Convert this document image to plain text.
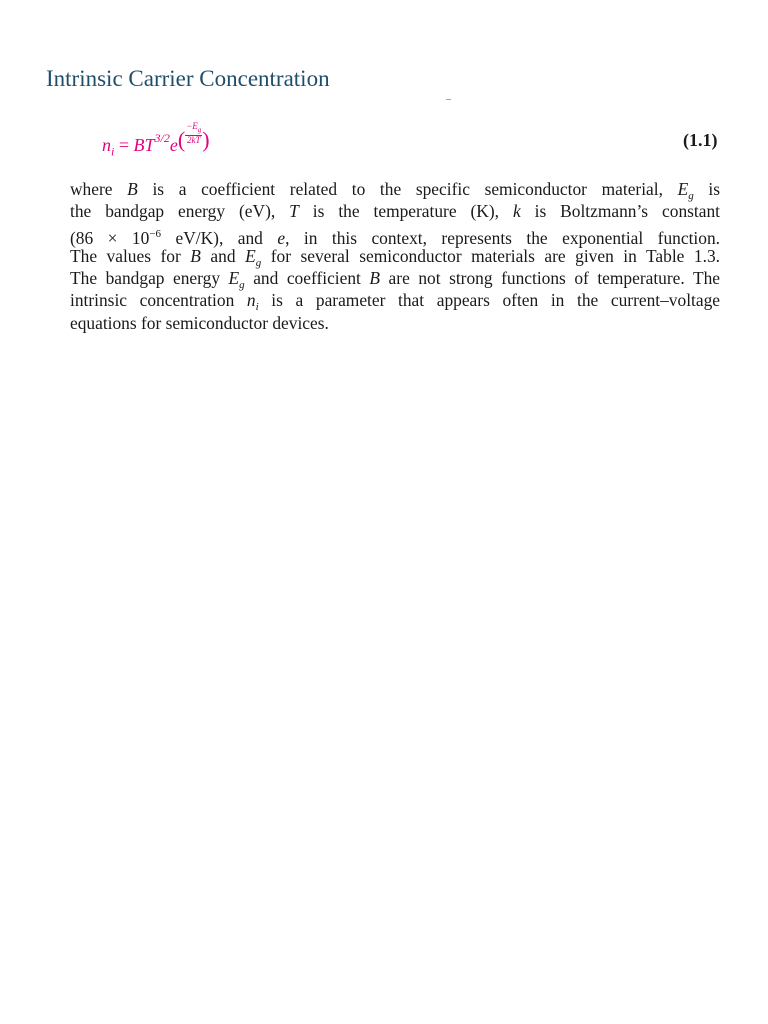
Intrinsic Carrier Concentration
$n_i = BT^{3/2}e( \frac{-E_g}{2kT}$ )	(1.1)
where B is a coefficient related to the specific semiconductor material, $E_g$ is
the bandgap energy (eV), T is the temperature (K), k is Boltzmann’s constant
($86 \times 10^{-6}$ eV/K), and e, in this context, represents the exponential function.
The values for B and $E_g$ for several semiconductor materials are given in Table 1.3.
The bandgap energy $E_g$ and coefficient B are not strong functions of temperature. The
intrinsic concentration $n_i$ is a parameter that appears often in the current–voltage
equations for semiconductor devices.
